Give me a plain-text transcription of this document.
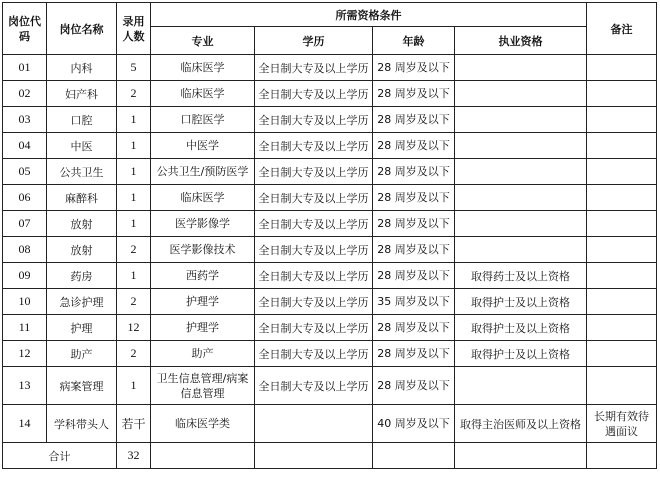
岗位代码	岗位名称	录用人数	所需资格条件				备注
			专业	学历	年龄	执业资格	
01	内科	5	临床医学	全日制大专及以上学历	28 周岁及以下		
02	妇产科	2	临床医学	全日制大专及以上学历	28 周岁及以下		
03	口腔	1	口腔医学	全日制大专及以上学历	28 周岁及以下		
04	中医	1	中医学	全日制大专及以上学历	28 周岁及以下		
05	公共卫生	1	公共卫生/预防医学	全日制大专及以上学历	28 周岁及以下		
06	麻醉科	1	临床医学	全日制大专及以上学历	28 周岁及以下		
07	放射	1	医学影像学	全日制大专及以上学历	28 周岁及以下		
08	放射	2	医学影像技术	全日制大专及以上学历	28 周岁及以下		
09	药房	1	西药学	全日制大专及以上学历	28 周岁及以下	取得药士及以上资格	
10	急诊护理	2	护理学	全日制大专及以上学历	35 周岁及以下	取得护士及以上资格	
11	护理	12	护理学	全日制大专及以上学历	28 周岁及以下	取得护士及以上资格	
12	助产	2	助产	全日制大专及以上学历	28 周岁及以下	取得护士及以上资格	
13	病案管理	1	卫生信息管理/病案信息管理	全日制大专及以上学历	28 周岁及以下		
14	学科带头人	若干	临床医学类		40 周岁及以下	取得主治医师及以上资格	长期有效待遇面议
合计		32					
